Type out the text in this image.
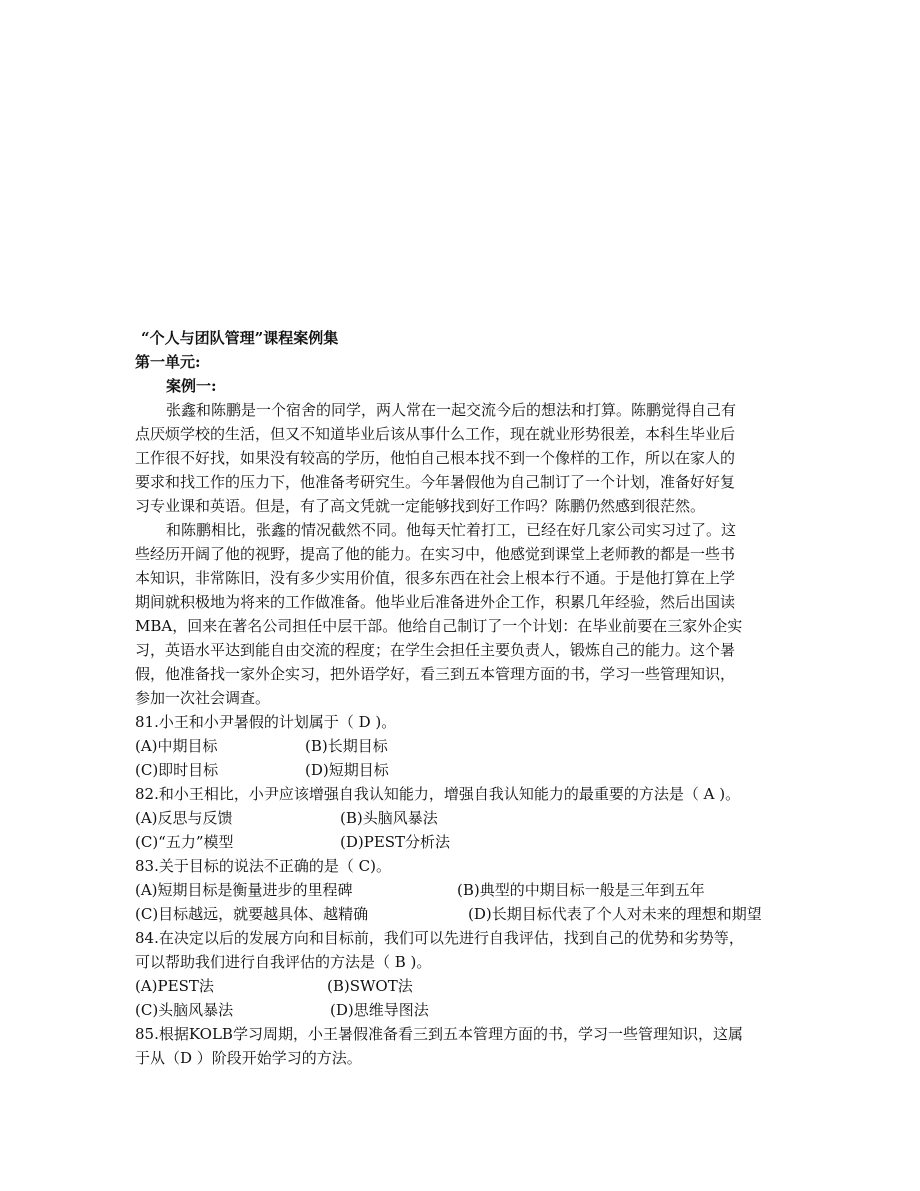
“个人与团队管理”课程案例集
第一单元:
案例一:

张鑫和陈鹏是一个宿舍的同学，两人常在一起交流今后的想法和打算。陈鹏觉得自己有

点厌烦学校的生活，但又不知道毕业后该从事什么工作，现在就业形势很差，本科生毕业后

工作很不好找，如果没有较高的学历，他怕自己根本找不到一个像样的工作，所以在家人的

要求和找工作的压力下，他准备考研究生。今年暑假他为自己制订了一个计划，准备好好复

习专业课和英语。但是，有了高文凭就一定能够找到好工作吗？陈鹏仍然感到很茫然。

和陈鹏相比，张鑫的情况截然不同。他每天忙着打工，已经在好几家公司实习过了。这

些经历开阔了他的视野，提高了他的能力。在实习中，他感觉到课堂上老师教的都是一些书

本知识，非常陈旧，没有多少实用价值，很多东西在社会上根本行不通。于是他打算在上学

期间就积极地为将来的工作做准备。他毕业后准备进外企工作，积累几年经验，然后出国读

MBA，回来在著名公司担任中层干部。他给自己制订了一个计划：在毕业前要在三家外企实

习，英语水平达到能自由交流的程度；在学生会担任主要负责人，锻炼自己的能力。这个暑

假，他准备找一家外企实习，把外语学好，看三到五本管理方面的书，学习一些管理知识，

参加一次社会调查。

81.小王和小尹暑假的计划属于（ D )。

(A)中期目标	(B)长期目标
(C)即时目标	(D)短期目标

82.和小王相比，小尹应该增强自我认知能力，增强自我认知能力的最重要的方法是（ A )。

(A)反思与反馈	(B)头脑风暴法
(C)“五力”模型	(D)PEST分析法

83.关于目标的说法不正确的是（ C)。

(A)短期目标是衡量进步的里程碑	(B)典型的中期目标一般是三年到五年
(C)目标越远，就要越具体、越精确	(D)长期目标代表了个人对未来的理想和期望

84.在决定以后的发展方向和目标前，我们可以先进行自我评估，找到自己的优势和劣势等，

可以帮助我们进行自我评估的方法是（ B )。

(A)PEST法	(B)SWOT法
(C)头脑风暴法	(D)思维导图法

85.根据KOLB学习周期，小王暑假准备看三到五本管理方面的书，学习一些管理知识，这属

于从（D ）阶段开始学习的方法。
